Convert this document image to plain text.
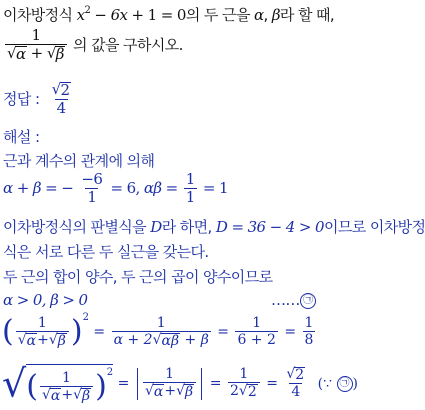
이차방정식 $x^2 - 6x + 1 = 0$의 두 근을 α, β라 할 때,
$\frac{1}{√ \alpha + √ \beta}$ 의 값을 구하시오.
정답 : $\frac{√ 2}{4}$
해설 :
근과 계수의 관계에 의해
α + β = − $\frac{-6}{1} = 6$, $\alpha\beta = \frac{1}{1} = 1$
이차방정식의 판별식을 D라 하면, D = 36 − 4 > 0이므로 이차방정
식은 서로 다른 두 실근을 갖는다.
두 근의 합이 양수, 두 근의 곱이 양수이므로
α > 0, β > 0	…… ㉠
( $\frac{1}{√ \alpha + √ \beta} )^2 = \frac{1}{\alpha + 2 √ \alpha\beta + \beta} = \frac{1}{6 + 2} = \frac{1}{8}$
√( $\frac{1}{√ \alpha + √ \beta} )^2 = \frac{1}{√ \alpha + √ \beta} = \frac{1}{2 √ 2} = \frac{√ 2}{4}$ (∵ ㉠ )
